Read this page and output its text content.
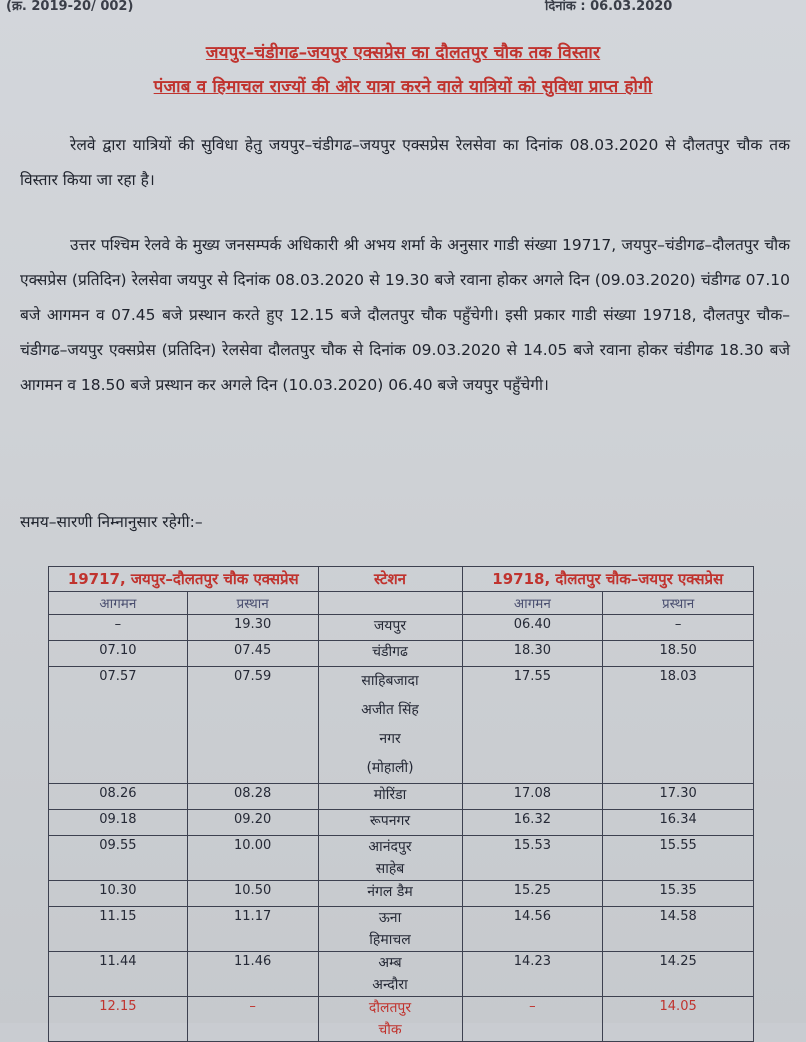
(क्र. 2019-20/ 002)	दिनांक : 06.03.2020
जयपुर–चंडीगढ–जयपुर एक्सप्रेस का दौलतपुर चौक तक विस्तार
पंजाब व हिमाचल राज्यों की ओर यात्रा करने वाले यात्रियों को सुविधा प्राप्त होगी
रेलवे द्वारा यात्रियों की सुविधा हेतु जयपुर–चंडीगढ–जयपुर एक्सप्रेस रेलसेवा का दिनांक 08.03.2020 से दौलतपुर चौक तक विस्तार किया जा रहा है।
उत्तर पश्चिम रेलवे के मुख्य जनसम्पर्क अधिकारी श्री अभय शर्मा के अनुसार गाडी संख्या 19717, जयपुर–चंडीगढ–दौलतपुर चौक एक्सप्रेस (प्रतिदिन) रेलसेवा जयपुर से दिनांक 08.03.2020 से 19.30 बजे रवाना होकर अगले दिन (09.03.2020) चंडीगढ 07.10 बजे आगमन व 07.45 बजे प्रस्थान करते हुए 12.15 बजे दौलतपुर चौक पहुँचेगी। इसी प्रकार गाडी संख्या 19718, दौलतपुर चौक–चंडीगढ–जयपुर एक्सप्रेस (प्रतिदिन) रेलसेवा दौलतपुर चौक से दिनांक 09.03.2020 से 14.05 बजे रवाना होकर चंडीगढ 18.30 बजे आगमन व 18.50 बजे प्रस्थान कर अगले दिन (10.03.2020) 06.40 बजे जयपुर पहुँचेगी।
समय–सारणी निम्नानुसार रहेगी:–
19717, जयपुर–दौलतपुर चौक एक्सप्रेस		स्टेशन	19718, दौलतपुर चौक–जयपुर एक्सप्रेस	
आगमन	प्रस्थान		आगमन	प्रस्थान
–	19.30	जयपुर	06.40	–
07.10	07.45	चंडीगढ	18.30	18.50
07.57	07.59	साहिबजादा अजीत सिंह नगर (मोहाली)	17.55	18.03
08.26	08.28	मोरिंडा	17.08	17.30
09.18	09.20	रूपनगर	16.32	16.34
09.55	10.00	आनंदपुर साहेब	15.53	15.55
10.30	10.50	नंगल डैम	15.25	15.35
11.15	11.17	ऊना हिमाचल	14.56	14.58
11.44	11.46	अम्ब अन्दौरा	14.23	14.25
12.15	–	दौलतपुर चौक	–	14.05
